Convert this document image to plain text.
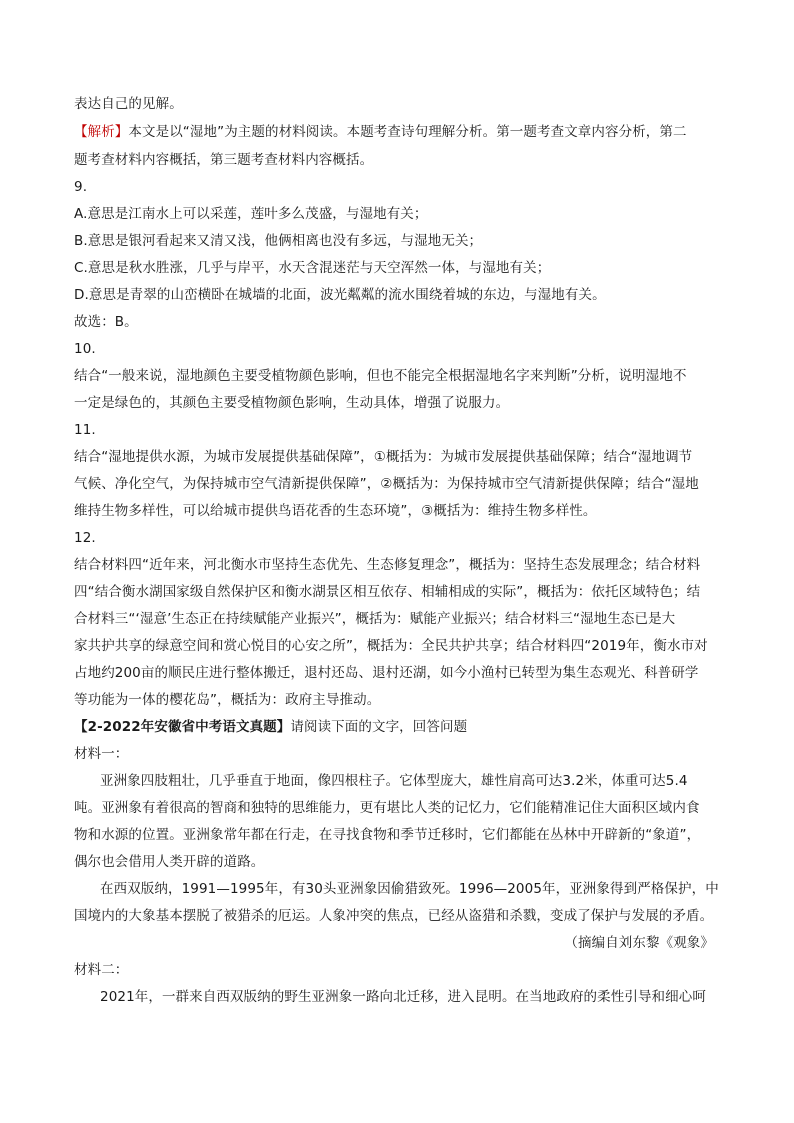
表达自己的见解。
【解析】本文是以“湿地”为主题的材料阅读。本题考查诗句理解分析。第一题考查文章内容分析，第二
题考查材料内容概括，第三题考查材料内容概括。
9.
A.意思是江南水上可以采莲，莲叶多么茂盛，与湿地有关；
B.意思是银河看起来又清又浅，他俩相离也没有多远，与湿地无关；
C.意思是秋水胜涨，几乎与岸平，水天含混迷茫与天空浑然一体，与湿地有关；
D.意思是青翠的山峦横卧在城墙的北面，波光粼粼的流水围绕着城的东边，与湿地有关。
故选：B。
10.
结合“一般来说，湿地颜色主要受植物颜色影响，但也不能完全根据湿地名字来判断”分析，说明湿地不
一定是绿色的，其颜色主要受植物颜色影响，生动具体，增强了说服力。
11.
结合“湿地提供水源，为城市发展提供基础保障”，①概括为：为城市发展提供基础保障；结合“湿地调节
气候、净化空气，为保持城市空气清新提供保障”，②概括为：为保持城市空气清新提供保障；结合“湿地
维持生物多样性，可以给城市提供鸟语花香的生态环境”，③概括为：维持生物多样性。
12.
结合材料四“近年来，河北衡水市坚持生态优先、生态修复理念”，概括为：坚持生态发展理念；结合材料
四“结合衡水湖国家级自然保护区和衡水湖景区相互依存、相辅相成的实际”，概括为：依托区域特色；结
合材料三“‘湿意’生态正在持续赋能产业振兴”，概括为：赋能产业振兴；结合材料三“湿地生态已是大
家共护共享的绿意空间和赏心悦目的心安之所”，概括为：全民共护共享；结合材料四“2019年，衡水市对
占地约200亩的顺民庄进行整体搬迁，退村还岛、退村还湖，如今小渔村已转型为集生态观光、科普研学
等功能为一体的樱花岛”，概括为：政府主导推动。
【2-2022年安徽省中考语文真题】请阅读下面的文字，回答问题
材料一：
亚洲象四肢粗壮，几乎垂直于地面，像四根柱子。它体型庞大，雄性肩高可达3.2米，体重可达5.4
吨。亚洲象有着很高的智商和独特的思维能力，更有堪比人类的记忆力，它们能精准记住大面积区域内食
物和水源的位置。亚洲象常年都在行走，在寻找食物和季节迁移时，它们都能在丛林中开辟新的“象道”，
偶尔也会借用人类开辟的道路。
在西双版纳，1991—1995年，有30头亚洲象因偷猎致死。1996—2005年，亚洲象得到严格保护，中
国境内的大象基本摆脱了被猎杀的厄运。人象冲突的焦点，已经从盗猎和杀戮，变成了保护与发展的矛盾。
（摘编自刘东黎《观象》
材料二：
2021年，一群来自西双版纳的野生亚洲象一路向北迁移，进入昆明。在当地政府的柔性引导和细心呵
